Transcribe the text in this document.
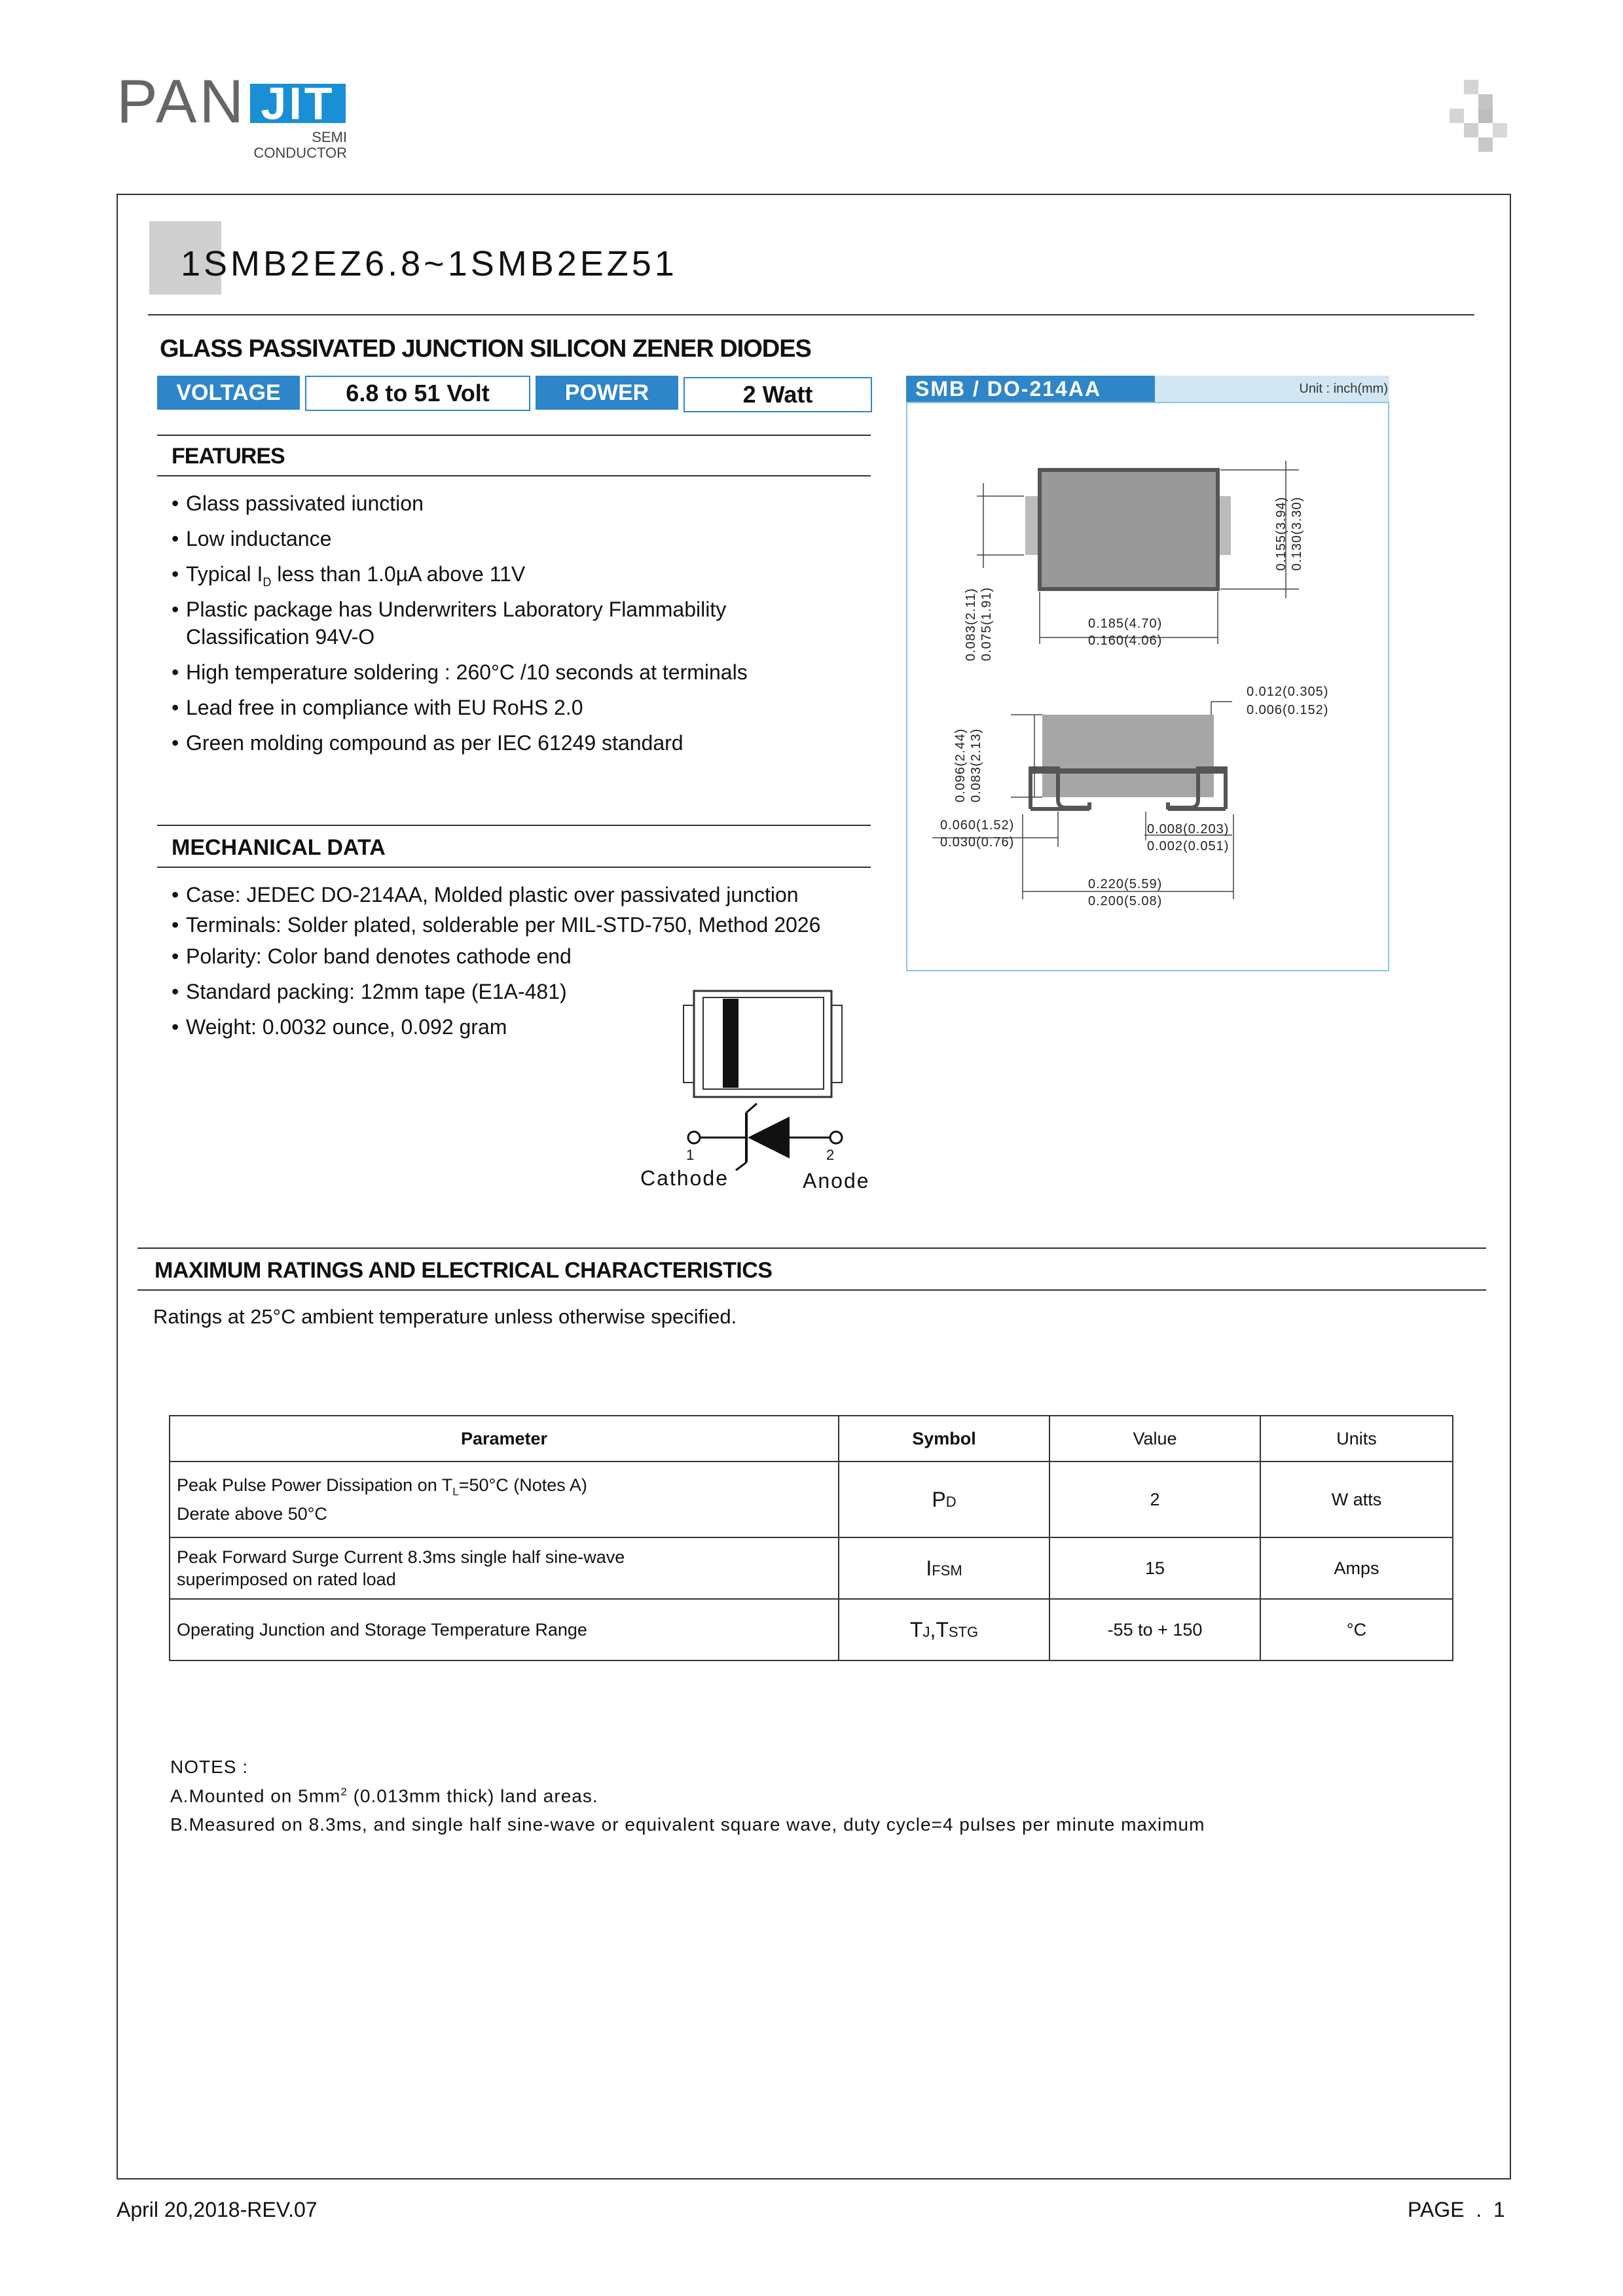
PAN JIT
SEMI
CONDUCTOR
1SMB2EZ6.8~1SMB2EZ51
GLASS PASSIVATED JUNCTION SILICON ZENER DIODES
VOLTAGE	6.8 to 51 Volt	POWER	2 Watt
FEATURES
• Glass passivated iunction
• Low inductance
• Typical $I_D$ less than 1.0µA above 11V
• Plastic package has Underwriters Laboratory Flammability
Classification 94V-O
• High temperature soldering : 260°C /10 seconds at terminals
• Lead free in compliance with EU RoHS 2.0
• Green molding compound as per IEC 61249 standard
MECHANICAL DATA
• Case: JEDEC DO-214AA, Molded plastic over passivated junction
• Terminals: Solder plated, solderable per MIL-STD-750, Method 2026
• Polarity: Color band denotes cathode end
• Standard packing: 12mm tape (E1A-481)
• Weight: 0.0032 ounce, 0.092 gram
1	2
Cathode	Anode
SMB / DO-214AA	Unit : inch(mm)
0.155(3.94) 0.130(3.30)
0.083(2.11) 0.075(1.91)	0.185(4.70)
0.160(4.06)
0.012(0.305)
0.006(0.152)
0.096(2.44) 0.083(2.13)
0.060(1.52)
0.030(0.76)
0.008(0.203)
0.002(0.051)
0.220(5.59)
0.200(5.08)
MAXIMUM RATINGS AND ELECTRICAL CHARACTERISTICS
Ratings at 25°C ambient temperature unless otherwise specified.
Parameter	Symbol	Value	Units

Peak Pulse Power Dissipation on $T_L=50^\circ C$ (Notes A)
Derate above 50°C	PD	2	W atts

Peak Forward Surge Current 8.3ms single half sine-wave
superimposed on rated load	IFSM	15	Amps
Operating Junction and Storage Temperature Range	TJ,TSTG	-55 to + 150	°C
NOTES :
A.Mounted on $5mm^2$ (0.013mm thick) land areas.
B.Measured on 8.3ms, and single half sine-wave or equivalent square wave, duty cycle=4 pulses per minute maximum
April 20,2018-REV.07	PAGE  .  1
